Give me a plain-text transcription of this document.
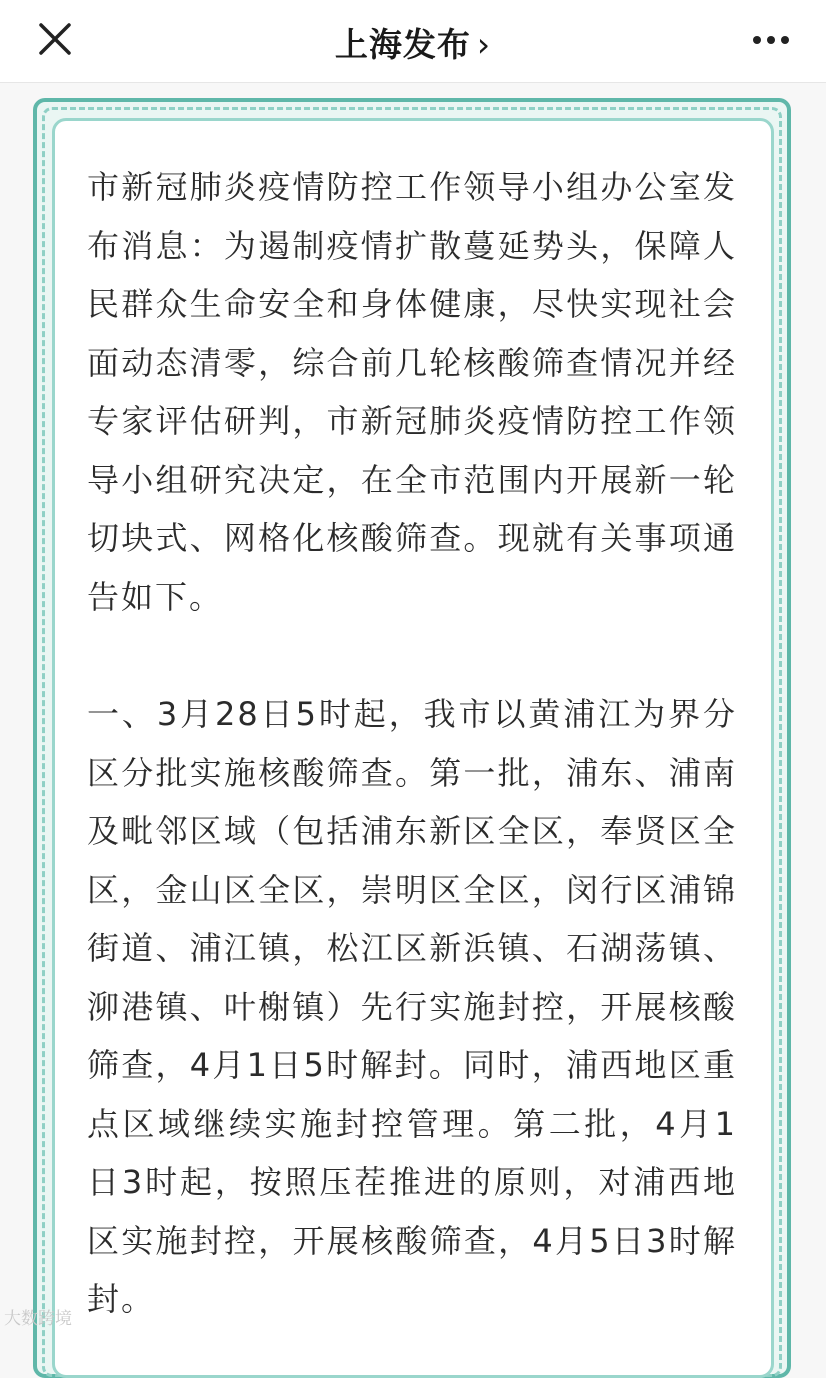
上海发布 ›

市新冠肺炎疫情防控工作领导小组办公室发布消息：为遏制疫情扩散蔓延势头，保障人民群众生命安全和身体健康，尽快实现社会面动态清零，综合前几轮核酸筛查情况并经专家评估研判，市新冠肺炎疫情防控工作领导小组研究决定，在全市范围内开展新一轮切块式、网格化核酸筛查。现就有关事项通告如下。

一、3月28日5时起，我市以黄浦江为界分区分批实施核酸筛查。第一批，浦东、浦南及毗邻区域（包括浦东新区全区，奉贤区全区，金山区全区，崇明区全区，闵行区浦锦街道、浦江镇，松江区新浜镇、石湖荡镇、泖港镇、叶榭镇）先行实施封控，开展核酸筛查，4月1日5时解封。同时，浦西地区重点区域继续实施封控管理。第二批，4月1日3时起，按照压茬推进的原则，对浦西地区实施封控，开展核酸筛查，4月5日3时解封。

大数跨境
